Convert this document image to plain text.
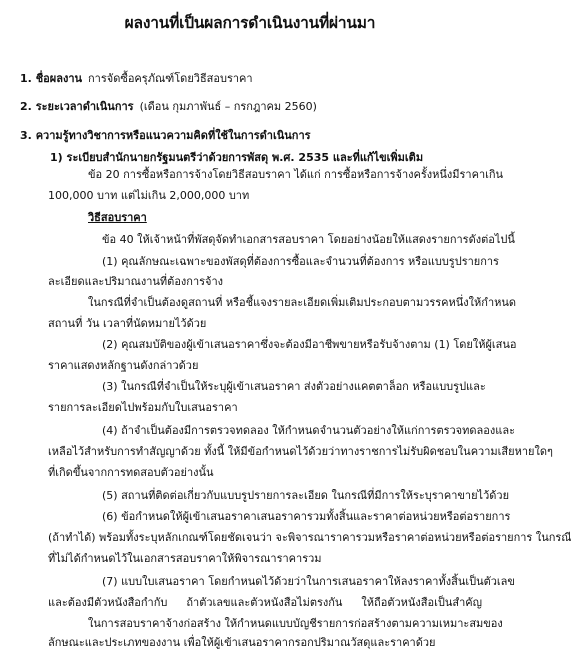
ผลงานที่เป็นผลการดำเนินงานที่ผ่านมา
1. ชื่อผลงาน การจัดซื้อครุภัณฑ์โดยวิธีสอบราคา
2. ระยะเวลาดำเนินการ (เดือน กุมภาพันธ์ – กรกฎาคม 2560)
3. ความรู้ทางวิชาการหรือแนวความคิดที่ใช้ในการดำเนินการ
1) ระเบียบสำนักนายกรัฐมนตรีว่าด้วยการพัสดุ พ.ศ. 2535 และที่แก้ไขเพิ่มเติม
ข้อ 20 การซื้อหรือการจ้างโดยวิธีสอบราคา ได้แก่ การซื้อหรือการจ้างครั้งหนึ่งมีราคาเกิน
100,000 บาท แต่ไม่เกิน 2,000,000 บาท
วิธีสอบราคา
ข้อ 40 ให้เจ้าหน้าที่พัสดุจัดทำเอกสารสอบราคา โดยอย่างน้อยให้แสดงรายการดังต่อไปนี้
(1) คุณลักษณะเฉพาะของพัสดุที่ต้องการซื้อและจำนวนที่ต้องการ หรือแบบรูปรายการ
ละเอียดและปริมาณงานที่ต้องการจ้าง
ในกรณีที่จำเป็นต้องดูสถานที่ หรือชี้แจงรายละเอียดเพิ่มเติมประกอบตามวรรคหนึ่งให้กำหนด
สถานที่ วัน เวลาที่นัดหมายไว้ด้วย
(2) คุณสมบัติของผู้เข้าเสนอราคาซึ่งจะต้องมีอาชีพขายหรือรับจ้างตาม (1) โดยให้ผู้เสนอ
ราคาแสดงหลักฐานดังกล่าวด้วย
(3) ในกรณีที่จำเป็นให้ระบุผู้เข้าเสนอราคา ส่งตัวอย่างแคตตาล็อก หรือแบบรูปและ
รายการละเอียดไปพร้อมกับใบเสนอราคา
(4) ถ้าจำเป็นต้องมีการตรวจทดลอง ให้กำหนดจำนวนตัวอย่างให้แก่การตรวจทดลองและ
เหลือไว้สำหรับการทำสัญญาด้วย ทั้งนี้ ให้มีข้อกำหนดไว้ด้วยว่าทางราชการไม่รับผิดชอบในความเสียหายใดๆ
ที่เกิดขึ้นจากการทดสอบตัวอย่างนั้น
(5) สถานที่ติดต่อเกี่ยวกับแบบรูปรายการละเอียด ในกรณีที่มีการให้ระบุราคาขายไว้ด้วย
(6) ข้อกำหนดให้ผู้เข้าเสนอราคาเสนอราคารวมทั้งสิ้นและราคาต่อหน่วยหรือต่อรายการ
(ถ้าทำได้) พร้อมทั้งระบุหลักเกณฑ์โดยชัดเจนว่า จะพิจารณาราคารวมหรือราคาต่อหน่วยหรือต่อรายการ ในกรณี
ที่ไม่ได้กำหนดไว้ในเอกสารสอบราคาให้พิจารณาราคารวม
(7) แบบใบเสนอราคา โดยกำหนดไว้ด้วยว่าในการเสนอราคาให้ลงราคาทั้งสิ้นเป็นตัวเลข
และต้องมีตัวหนังสือกำกับ ถ้าตัวเลขและตัวหนังสือไม่ตรงกัน ให้ถือตัวหนังสือเป็นสำคัญ
ในการสอบราคาจ้างก่อสร้าง ให้กำหนดแบบบัญชีรายการก่อสร้างตามความเหมาะสมของ
ลักษณะและประเภทของงาน เพื่อให้ผู้เข้าเสนอราคากรอกปริมาณวัสดุและราคาด้วย
